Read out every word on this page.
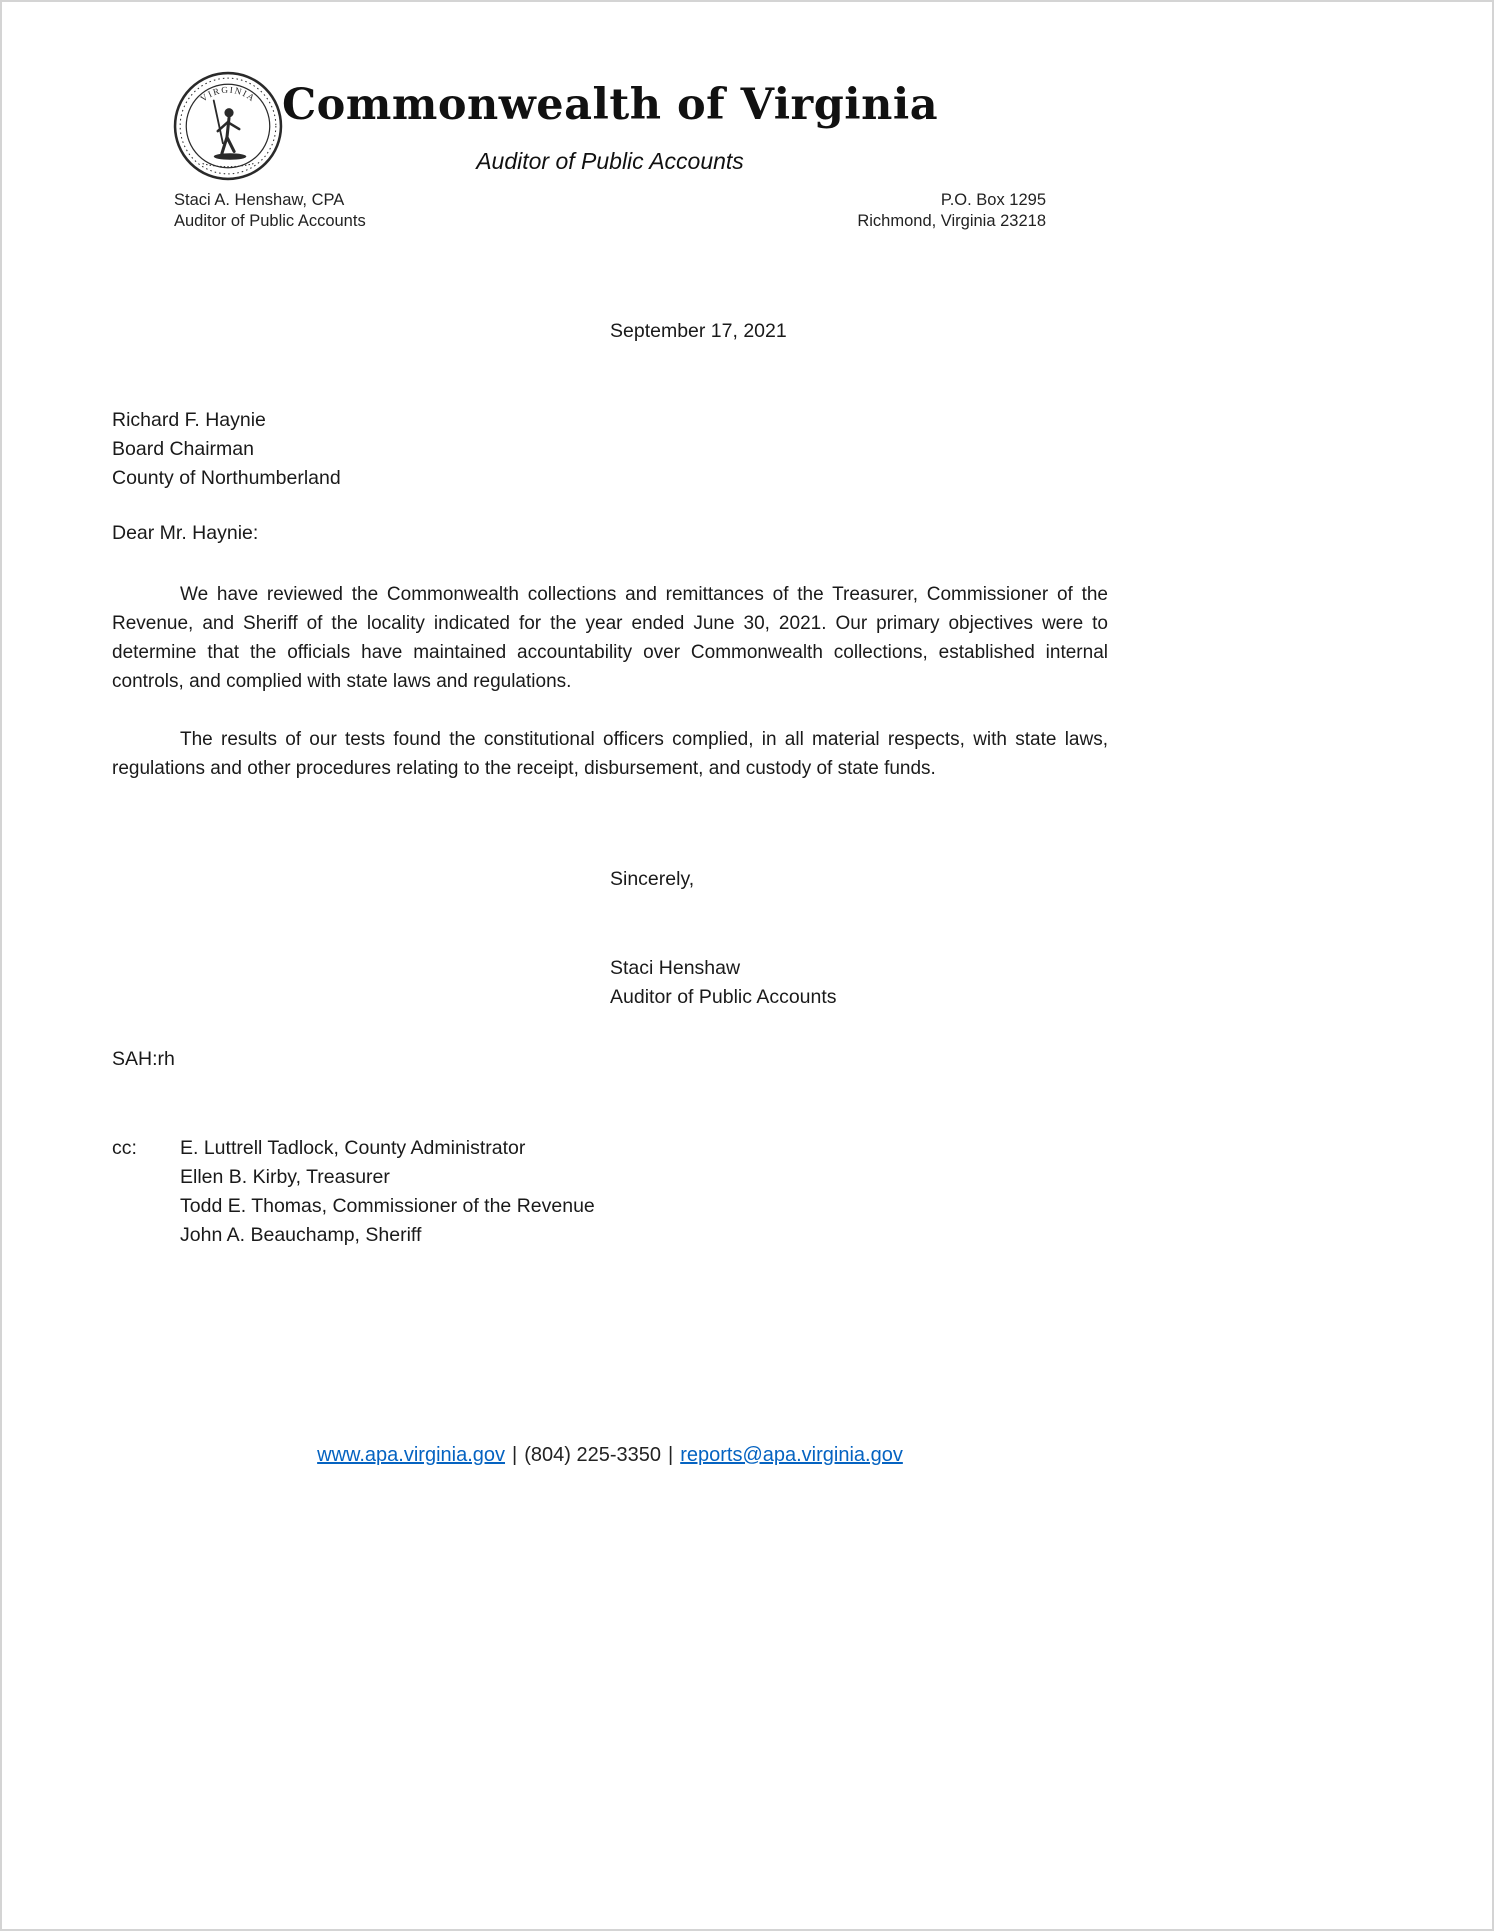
VIRGINIA Commonwealth of Virginia
Auditor of Public Accounts
Staci A. Henshaw, CPA
Auditor of Public Accounts
P.O. Box 1295
Richmond, Virginia 23218
September 17, 2021
Richard F. Haynie
Board Chairman
County of Northumberland
Dear Mr. Haynie:

We have reviewed the Commonwealth collections and remittances of the Treasurer, Commissioner of the Revenue, and Sheriff of the locality indicated for the year ended June 30, 2021. Our primary objectives were to determine that the officials have maintained accountability over Commonwealth collections, established internal controls, and complied with state laws and regulations.

The results of our tests found the constitutional officers complied, in all material respects, with state laws, regulations and other procedures relating to the receipt, disbursement, and custody of state funds.

Sincerely,
Staci Henshaw
Auditor of Public Accounts
SAH:rh
cc: E. Luttrell Tadlock, County Administrator
Ellen B. Kirby, Treasurer
Todd E. Thomas, Commissioner of the Revenue
John A. Beauchamp, Sheriff
www.apa.virginia.gov | (804) 225-3350 | reports@apa.virginia.gov
